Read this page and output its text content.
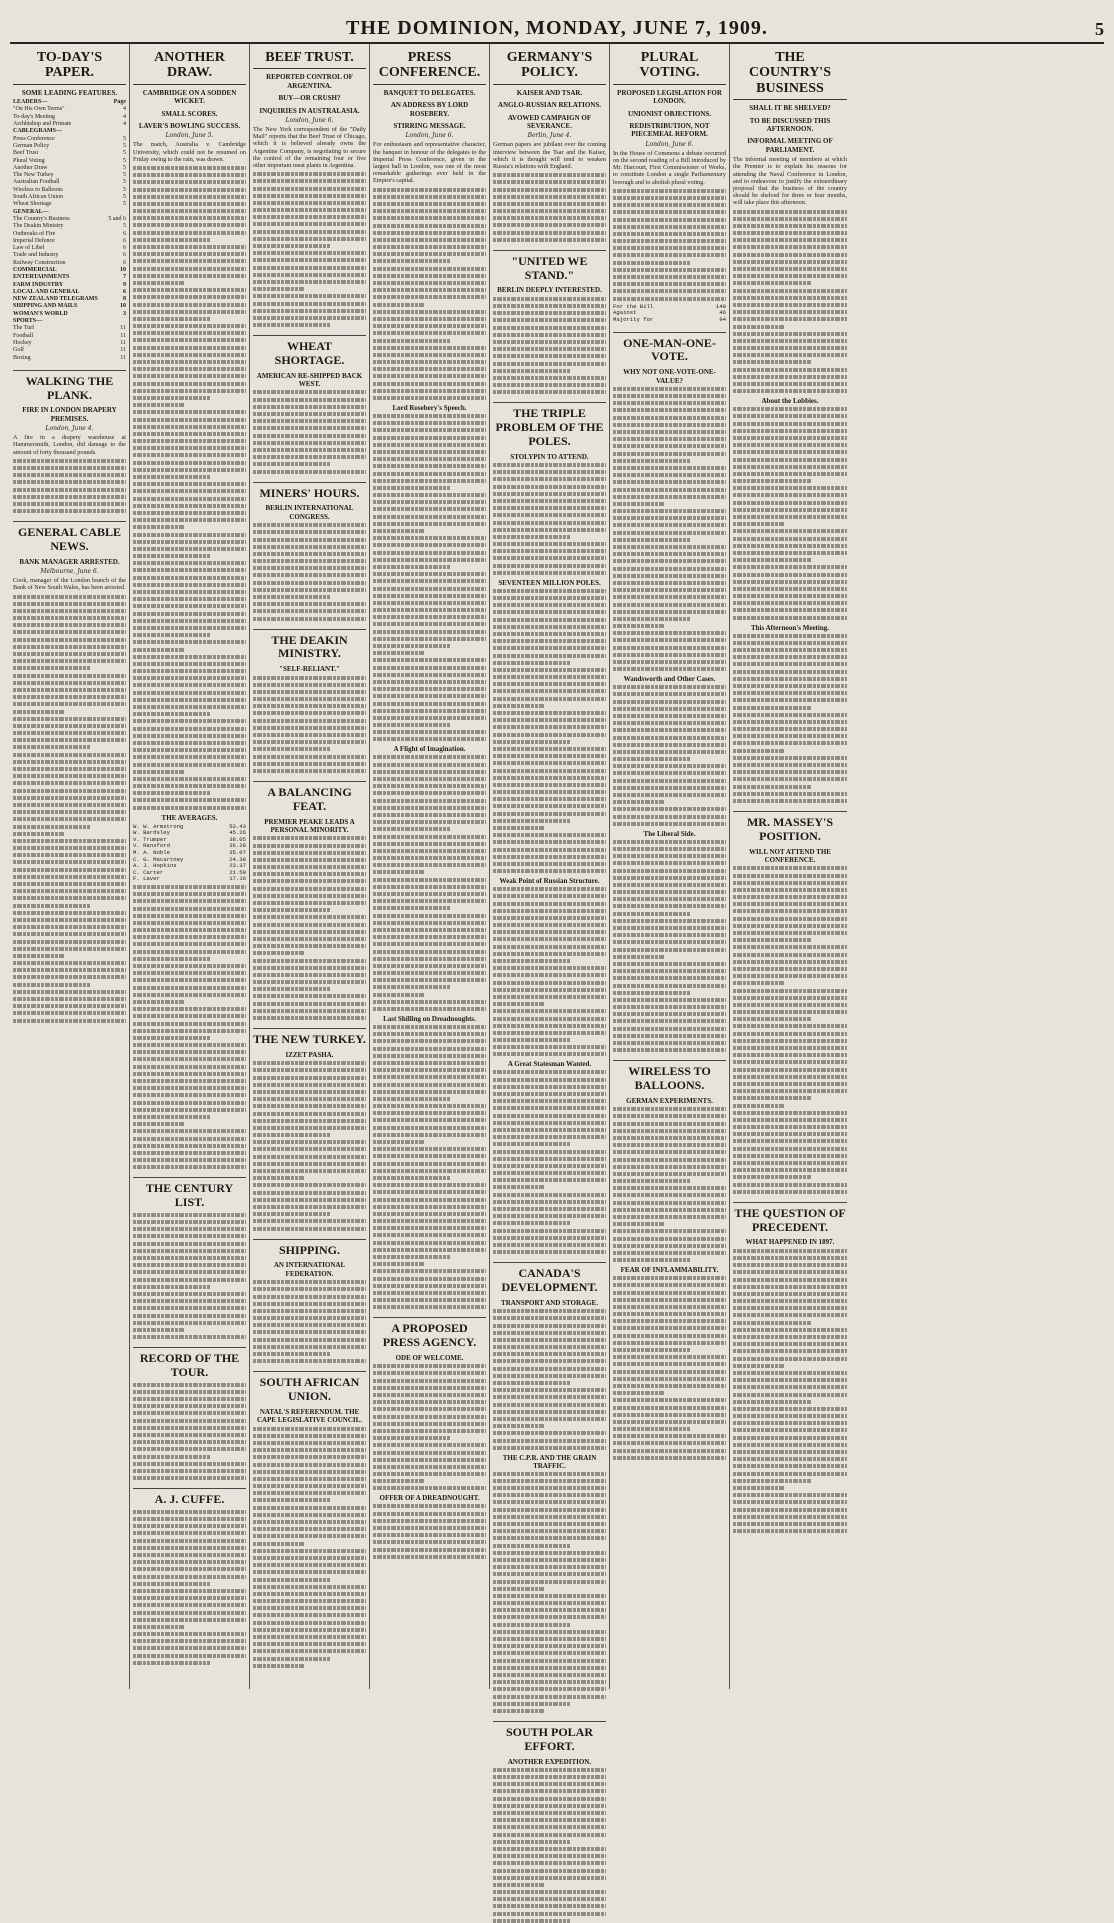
THE DOMINION, MONDAY, JUNE 7, 1909.	5
TO-DAY'S PAPER.
SOME LEADING FEATURES.
LEADERS—	Page
"On His Own Terms"	4
To-day's Meeting	4
Archbishop and Primate	4
CABLEGRAMS—
Press Conference	5
German Policy	5
Beef Trust	5
Plural Voting	5
Another Draw	5
The New Turkey	5
Australian Football	5
Wireless to Balloons	5
South African Union	5
Wheat Shortage	5
GENERAL—
The Country's Business	5 and 6
The Deakin Ministry	5
Outbreaks of Fire	6
Imperial Defence	6
Law of Libel	6
Trade and Industry	6
Railway Construction	6
COMMERCIAL	10
ENTERTAINMENTS	7
FARM INDUSTRY	9
LOCAL AND GENERAL	6
NEW ZEALAND TELEGRAMS	8
SHIPPING AND MAILS	10
WOMAN'S WORLD	3
SPORTS—
The Turf	11
Football	11
Hockey	11
Golf	11
Boxing	11
WALKING THE PLANK.
FIRE IN LONDON DRAPERY PREMISES.
London, June 4.

A fire in a drapery warehouse at Hammersmith, London, did damage to the amount of forty thousand pounds.

GENERAL CABLE NEWS.
BANK MANAGER ARRESTED.
Melbourne, June 6.

Cook, manager of the London branch of the Bank of New South Wales, has been arrested.

ANOTHER DRAW.
CAMBRIDGE ON A SODDEN WICKET.
SMALL SCORES.
LAVER'S BOWLING SUCCESS.
London, June 5.

The match, Australia v. Cambridge University, which could not be resumed on Friday owing to the rain, was drawn.

THE AVERAGES.
W. W. Armstrong	53.43
W. Bardsley	45.26
V. Trumper	38.05
V. Ransford	36.28
M. A. Noble	35.07
C. G. Macartney	24.38
A. J. Hopkins	23.37
C. Carter	21.50
F. Laver	17.16
THE CENTURY LIST.
RECORD OF THE TOUR.
A. J. CUFFE.
BEEF TRUST.
REPORTED CONTROL OF ARGENTINA.
BUY—OR CRUSH?
INQUIRIES IN AUSTRALASIA.
London, June 6.

The New York correspondent of the "Daily Mail" reports that the Beef Trust of Chicago, which it is believed already owns the Argentine Company, is negotiating to secure the control of the remaining four or five other important meat plants in Argentina.

WHEAT SHORTAGE.
AMERICAN RE-SHIPPED BACK WEST.
MINERS' HOURS.
BERLIN INTERNATIONAL CONGRESS.
THE DEAKIN MINISTRY.
"SELF-RELIANT."
A BALANCING FEAT.
PREMIER PEAKE LEADS A PERSONAL MINORITY.
THE NEW TURKEY.
IZZET PASHA.
SHIPPING.
AN INTERNATIONAL FEDERATION.
SOUTH AFRICAN UNION.
NATAL'S REFERENDUM. THE CAPE LEGISLATIVE COUNCIL.
PRESS CONFERENCE.
BANQUET TO DELEGATES.
AN ADDRESS BY LORD ROSEBERY.
STIRRING MESSAGE.
London, June 6.

For enthusiasm and representative character, the banquet in honour of the delegates to the Imperial Press Conference, given in the largest hall in London, was one of the most remarkable gatherings ever held in the Empire's capital.

Lord Rosebery's Speech.
A Flight of Imagination.
Last Shilling on Dreadnoughts.
A PROPOSED PRESS AGENCY.
ODE OF WELCOME.
OFFER OF A DREADNOUGHT.
GERMANY'S POLICY.
KAISER AND TSAR.
ANGLO-RUSSIAN RELATIONS.
AVOWED CAMPAIGN OF SEVERANCE.
Berlin, June 4.

German papers are jubilant over the coming interview between the Tsar and the Kaiser, which it is thought will tend to weaken Russia's relations with England.

"UNITED WE STAND."
BERLIN DEEPLY INTERESTED.
THE TRIPLE PROBLEM OF THE POLES.
STOLYPIN TO ATTEND.
SEVENTEEN MILLION POLES.
Weak Point of Russian Structure.
A Great Statesman Wanted.
CANADA'S DEVELOPMENT.
TRANSPORT AND STORAGE.
THE C.P.R. AND THE GRAIN TRAFFIC.
SOUTH POLAR EFFORT.
ANOTHER EXPEDITION.
PLURAL VOTING.
PROPOSED LEGISLATION FOR LONDON.
UNIONIST OBJECTIONS.
REDISTRIBUTION, NOT PIECEMEAL REFORM.
London, June 6.

In the House of Commons a debate occurred on the second reading of a Bill introduced by Mr. Harcourt, First Commissioner of Works, to constitute London a single Parliamentary borough and to abolish plural voting.

For the Bill	140
Against	46
Majority for	94
ONE-MAN-ONE-VOTE.
WHY NOT ONE-VOTE-ONE-VALUE?
Wandsworth and Other Cases.
The Liberal Side.
WIRELESS TO BALLOONS.
GERMAN EXPERIMENTS.
FEAR OF INFLAMMABILITY.
THE COUNTRY'S BUSINESS
SHALL IT BE SHELVED?
TO BE DISCUSSED THIS AFTERNOON.
INFORMAL MEETING OF PARLIAMENT.

The informal meeting of members at which the Premier is to explain his reasons for attending the Naval Conference in London, and to endeavour to justify the extraordinary proposal that the business of the country should be shelved for three or four months, will take place this afternoon.

About the Lobbies.
This Afternoon's Meeting.
MR. MASSEY'S POSITION.
WILL NOT ATTEND THE CONFERENCE.
THE QUESTION OF PRECEDENT.
WHAT HAPPENED IN 1897.
